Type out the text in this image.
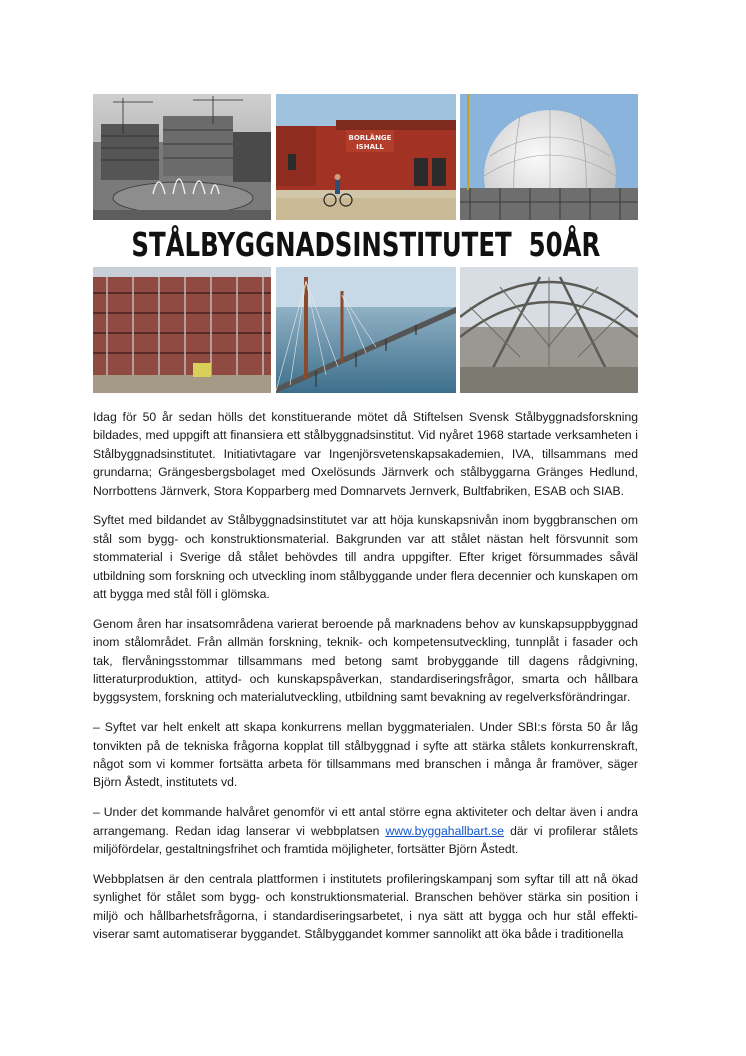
BORLÄNGE
ISHALL
STÅLBYGGNADSINSTITUTET  50ÅR

Idag för 50 år sedan hölls det konstituerande mötet då Stiftelsen Svensk Stålbyggnadsforskning bildades, med uppgift att finansiera ett stålbyggnadsinstitut. Vid nyåret 1968 startade verksamheten i Stålbyggnadsinstitutet. Initiativtagare var Ingenjörsvetenskapsakademien, IVA, tillsammans med grundarna; Grängesbergsbolaget med Oxelösunds Järnverk och stålbyggarna Gränges Hedlund, Norrbottens Järnverk, Stora Kopparberg med Domnarvets Jernverk, Bultfabriken, ESAB och SIAB.

Syftet med bildandet av Stålbyggnadsinstitutet var att höja kunskapsnivån inom byggbranschen om stål som bygg- och konstruktionsmaterial. Bakgrunden var att stålet nästan helt försvunnit som stommaterial i Sverige då stålet behövdes till andra uppgifter. Efter kriget försummades såväl utbildning som forskning och utveckling inom stålbyggande under flera decennier och kunskapen om att bygga med stål föll i glömska.

Genom åren har insatsområdena varierat beroende på marknadens behov av kunskapsuppbyggnad inom stålområdet. Från allmän forskning, teknik- och kompetensutveckling, tunnplåt i fasader och tak, flervåningsstommar tillsammans med betong samt brobyggande till dagens rådgivning, litteraturproduktion, attityd- och kunskapspåverkan, standardiseringsfrågor, smarta och hållbara byggsystem, forskning och materialutveckling, utbildning samt bevakning av regelverksförändringar.

– Syftet var helt enkelt att skapa konkurrens mellan byggmaterialen. Under SBI:s första 50 år låg tonvikten på de tekniska frågorna kopplat till stålbyggnad i syfte att stärka stålets konkurrenskraft, något som vi kommer fortsätta arbeta för tillsammans med branschen i många år framöver, säger Björn Åstedt, institutets vd.

– Under det kommande halvåret genomför vi ett antal större egna aktiviteter och deltar även i andra arrangemang. Redan idag lanserar vi webbplatsen www.byggahallbart.se där vi profilerar stålets miljöfördelar, gestaltningsfrihet och framtida möjligheter, fortsätter Björn Åstedt.

Webbplatsen är den centrala plattformen i institutets profileringskampanj som syftar till att nå ökad synlighet för stålet som bygg- och konstruktionsmaterial. Branschen behöver stärka sin position i miljö och hållbarhetsfrågorna, i standardiseringsarbetet, i nya sätt att bygga och hur stål effekti-viserar samt automatiserar byggandet. Stålbyggandet kommer sannolikt att öka både i traditionella
